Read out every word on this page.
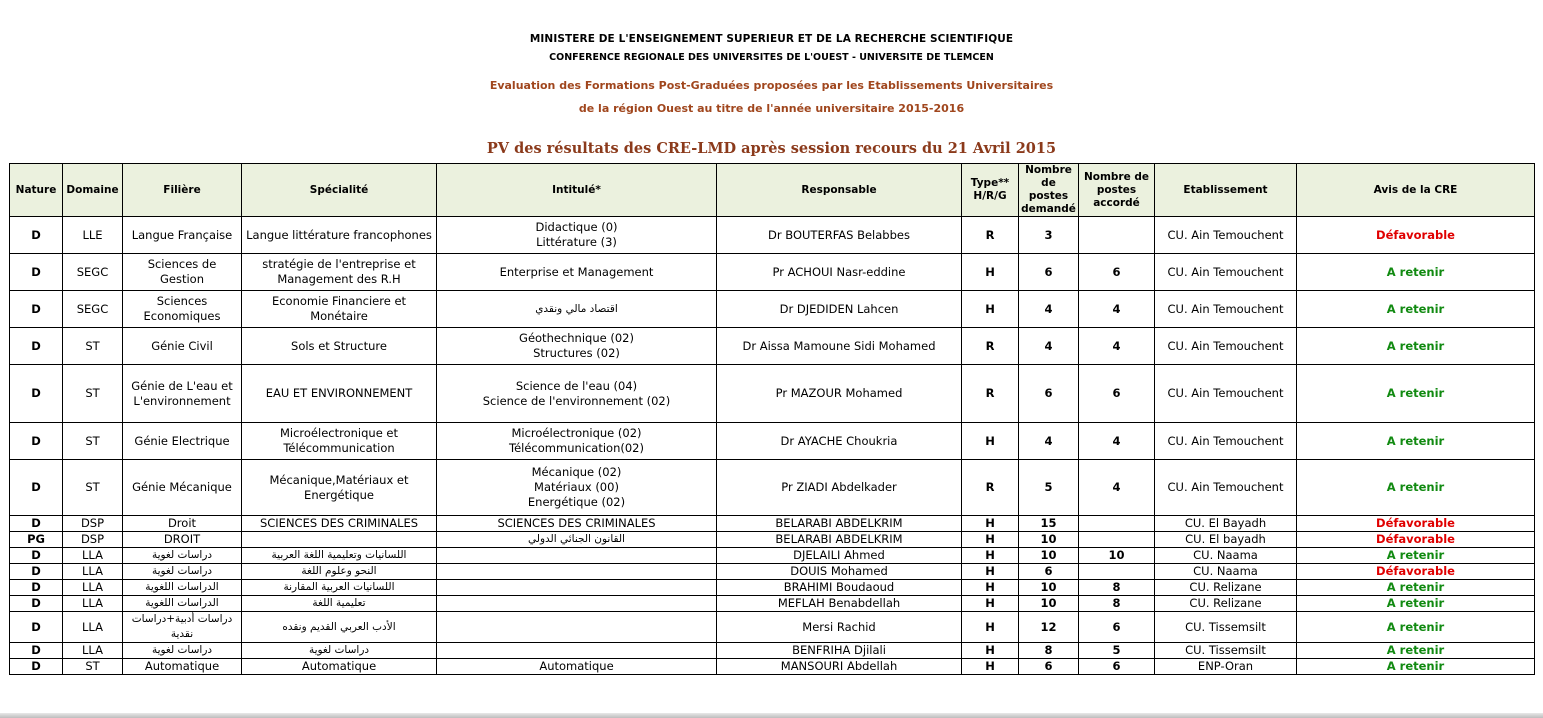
MINISTERE DE L'ENSEIGNEMENT SUPERIEUR ET DE LA RECHERCHE SCIENTIFIQUE
CONFERENCE REGIONALE DES UNIVERSITES DE L'OUEST - UNIVERSITE DE TLEMCEN
Evaluation des Formations Post-Graduées proposées par les Etablissements Universitaires
de la région Ouest au titre de l'année universitaire 2015-2016
PV des résultats des CRE-LMD après session recours du 21 Avril 2015
Nature	Domaine	Filière	Spécialité	Intitulé*	Responsable	Type** H/R/G	Nombre de postes demandé	Nombre de postes accordé	Etablissement	Avis de la CRE
D	LLE	Langue Française	Langue littérature francophones	Didactique (0)
Littérature (3)	Dr BOUTERFAS Belabbes	R	3		CU. Ain Temouchent	Défavorable
D	SEGC	Sciences de Gestion	stratégie de l'entreprise et Management des R.H	Enterprise et Management	Pr ACHOUI Nasr-eddine	H	6	6	CU. Ain Temouchent	A retenir
D	SEGC	Sciences Economiques	Economie Financiere et Monétaire	اقتصاد مالي ونقدي	Dr DJEDIDEN Lahcen	H	4	4	CU. Ain Temouchent	A retenir
D	ST	Génie Civil	Sols et Structure	Géothechnique (02)
Structures (02)	Dr Aissa Mamoune Sidi Mohamed	R	4	4	CU. Ain Temouchent	A retenir
D	ST	Génie de L'eau et L'environnement	EAU ET ENVIRONNEMENT	Science de l'eau (04)
Science de l'environnement (02)	Pr MAZOUR Mohamed	R	6	6	CU. Ain Temouchent	A retenir
D	ST	Génie Electrique	Microélectronique et Télécommunication	Microélectronique (02)
Télécommunication(02)	Dr AYACHE Choukria	H	4	4	CU. Ain Temouchent	A retenir
D	ST	Génie Mécanique	Mécanique,Matériaux et Energétique	Mécanique (02)
Matériaux (00)
Energétique (02)	Pr ZIADI Abdelkader	R	5	4	CU. Ain Temouchent	A retenir
D	DSP	Droit	SCIENCES DES CRIMINALES	SCIENCES DES CRIMINALES	BELARABI ABDELKRIM	H	15		CU. El Bayadh	Défavorable
PG	DSP	DROIT		القانون الجنائي الدولي	BELARABI ABDELKRIM	H	10		CU. El bayadh	Défavorable
D	LLA	دراسات لغوية	اللسانيات وتعليمية اللغة العربية		DJELAILI Ahmed	H	10	10	CU. Naama	A retenir
D	LLA	دراسات لغوية	النحو وعلوم اللغة		DOUIS Mohamed	H	6		CU. Naama	Défavorable
D	LLA	الدراسات اللغوية	اللسانيات العربية المقارنة		BRAHIMI Boudaoud	H	10	8	CU. Relizane	A retenir
D	LLA	الدراسات اللغوية	تعليمية اللغة		MEFLAH Benabdellah	H	10	8	CU. Relizane	A retenir
D	LLA	دراسات أدبية+دراسات نقدية	الأدب العربي القديم ونقده		Mersi Rachid	H	12	6	CU. Tissemsilt	A retenir
D	LLA	دراسات لغوية	دراسات لغوية		BENFRIHA Djilali	H	8	5	CU. Tissemsilt	A retenir
D	ST	Automatique	Automatique	Automatique	MANSOURI Abdellah	H	6	6	ENP-Oran	A retenir
